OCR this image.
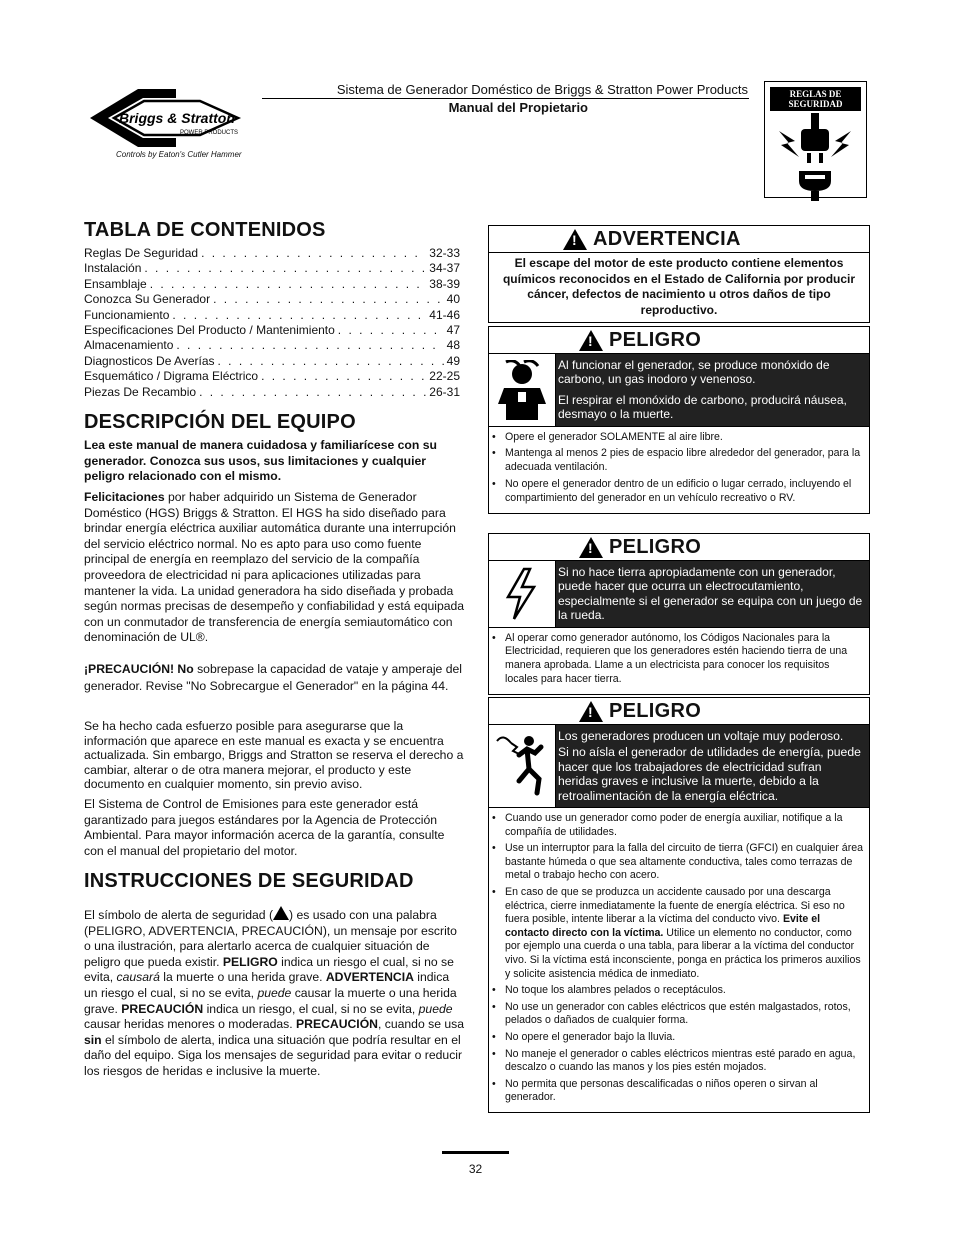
Sistema de Generador Doméstico de Briggs & Stratton Power Products
Manual del Propietario
Briggs & Stratton
POWER PRODUCTS
Controls by Eaton's Cutler Hammer
REGLAS DE SEGURIDAD
TABLA DE CONTENIDOS
Reglas De Seguridad . . .	32-33
Instalación . . .	34-37
Ensamblaje . . .	38-39
Conozca Su Generador . . .	40
Funcionamiento . . .	41-46
Especificaciones Del Producto / Mantenimiento . . .	47
Almacenamiento . . .	48
Diagnosticos De Averías . . .	49
Esquemático / Digrama Eléctrico . . .	22-25
Piezas De Recambio . . .	26-31
DESCRIPCIÓN DEL EQUIPO

Lea este manual de manera cuidadosa y familiarícese con su generador. Conozca sus usos, sus limitaciones y cualquier peligro relacionado con el mismo.

Felicitaciones por haber adquirido un Sistema de Generador Doméstico (HGS) Briggs & Stratton. El HGS ha sido diseñado para brindar energía eléctrica auxiliar automática durante una interrupción del servicio eléctrico normal. No es apto para uso como fuente principal de energía en reemplazo del servicio de la compañía proveedora de electricidad ni para aplicaciones utilizadas para mantener la vida. La unidad generadora ha sido diseñada y probada según normas precisas de desempeño y confiabilidad y está equipada con un conmutador de transferencia de energía semiautomático con denominación de UL®.

¡PRECAUCIÓN! No sobrepase la capacidad de vataje y amperaje del generador. Revise "No Sobrecargue el Generador" en la página 44.

Se ha hecho cada esfuerzo posible para asegurarse que la información que aparece en este manual es exacta y se encuentra actualizada. Sin embargo, Briggs and Stratton se reserva el derecho a cambiar, alterar o de otra manera mejorar, el producto y este documento en cualquier momento, sin previo aviso.

El Sistema de Control de Emisiones para este generador está garantizado para juegos estándares por la Agencia de Protección Ambiental. Para mayor información acerca de la garantía, consulte con el manual del propietario del motor.

INSTRUCCIONES DE SEGURIDAD

El símbolo de alerta de seguridad ( ) es usado con una palabra (PELIGRO, ADVERTENCIA, PRECAUCIÓN), un mensaje por escrito o una ilustración, para alertarlo acerca de cualquier situación de peligro que pueda existir. PELIGRO indica un riesgo el cual, si no se evita, causará la muerte o una herida grave. ADVERTENCIA indica un riesgo el cual, si no se evita, puede causar la muerte o una herida grave. PRECAUCIÓN indica un riesgo, el cual, si no se evita, puede causar heridas menores o moderadas. PRECAUCIÓN, cuando se usa sin el símbolo de alerta, indica una situación que podría resultar en el daño del equipo. Siga los mensajes de seguridad para evitar o reducir los riesgos de heridas e inclusive la muerte.

!
ADVERTENCIA
El escape del motor de este producto contiene elementos químicos reconocidos en el Estado de California por producir cáncer, defectos de nacimiento u otros daños de tipo reproductivo.
!
PELIGRO

Al funcionar el generador, se produce monóxido de carbono, un gas inodoro y venenoso.

El respirar el monóxido de carbono, producirá náusea, desmayo o la muerte.

• Opere el generador SOLAMENTE al aire libre.
• Mantenga al menos 2 pies de espacio libre alrededor del generador, para la adecuada ventilación.
• No opere el generador dentro de un edificio o lugar cerrado, incluyendo el compartimiento del generador en un vehículo recreativo o RV.
!
PELIGRO
Si no hace tierra apropiadamente con un generador, puede hacer que ocurra un electrocutamiento, especialmente si el generador se equipa con un juego de la rueda.
• Al operar como generador autónomo, los Códigos Nacionales para la Electricidad, requieren que los generadores estén haciendo tierra de una manera aprobada. Llame a un electricista para conocer los requisitos locales para hacer tierra.
!
PELIGRO

Los generadores producen un voltaje muy poderoso.

Si no aísla el generador de utilidades de energía, puede hacer que los trabajadores de electricidad sufran heridas graves e inclusive la muerte, debido a la retroalimentación de la energía eléctrica.

• Cuando use un generador como poder de energía auxiliar, notifique a la compañía de utilidades.
• Use un interruptor para la falla del circuito de tierra (GFCI) en cualquier área bastante húmeda o que sea altamente conductiva, tales como terrazas de metal o trabajo hecho con acero.
• En caso de que se produzca un accidente causado por una descarga eléctrica, cierre inmediatamente la fuente de energía eléctrica. Si eso no fuera posible, intente liberar a la víctima del conducto vivo. Evite el contacto directo con la víctima. Utilice un elemento no conductor, como por ejemplo una cuerda o una tabla, para liberar a la víctima del conductor vivo. Si la víctima está inconsciente, ponga en práctica los primeros auxilios y solicite asistencia médica de inmediato.
• No toque los alambres pelados o receptáculos.
• No use un generador con cables eléctricos que estén malgastados, rotos, pelados o dañados de cualquier forma.
• No opere el generador bajo la lluvia.
• No maneje el generador o cables eléctricos mientras esté parado en agua, descalzo o cuando las manos y los pies estén mojados.
• No permita que personas descalificadas o niños operen o sirvan al generador.
32
